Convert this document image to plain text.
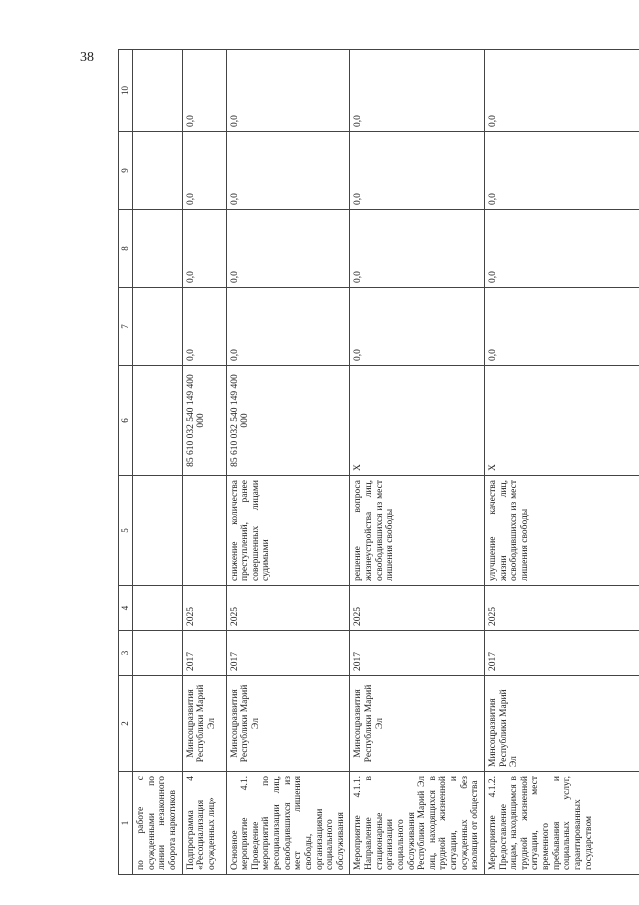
38
1	2	3	4	5	6	7	8	9	10
по работе с осужденными по линии незаконного оборота наркотиков									
Подпрограмма 4 «Ресоциализация осужденных лиц»	Минсоцразвития Республики Марий Эл	2017	2025		85 610 032 540 149 400 000	0,0	0,0	0,0	0,0
Основное мероприятие 4.1. Проведение мероприятий по ресоциализации лиц, освободившихся из мест лишения свободы, организациями социального обслуживания	Минсоцразвития Республики Марий Эл	2017	2025	снижение количества преступлений, ранее совершенных лицами судимыми	85 610 032 540 149 400 000	0,0	0,0	0,0	0,0
Мероприятие 4.1.1. Направление в стационарные организации социального обслуживания Республики Марий Эл лиц, находящихся в трудной жизненной ситуации, и осужденных без изоляции от общества	Минсоцразвития Республики Марий Эл	2017	2025	решение вопроса жизнеустройства лиц, освободившихся из мест лишения свободы	X	0,0	0,0	0,0	0,0
Мероприятие 4.1.2. Предоставление лицам, находящимся в трудной жизненной ситуации, мест временного пребывания и социальных услуг, гарантированных государством	Минсоцразвития Республики Марий Эл	2017	2025	улучшение качества жизни лиц, освободившихся из мест лишения свободы	X	0,0	0,0	0,0	0,0
